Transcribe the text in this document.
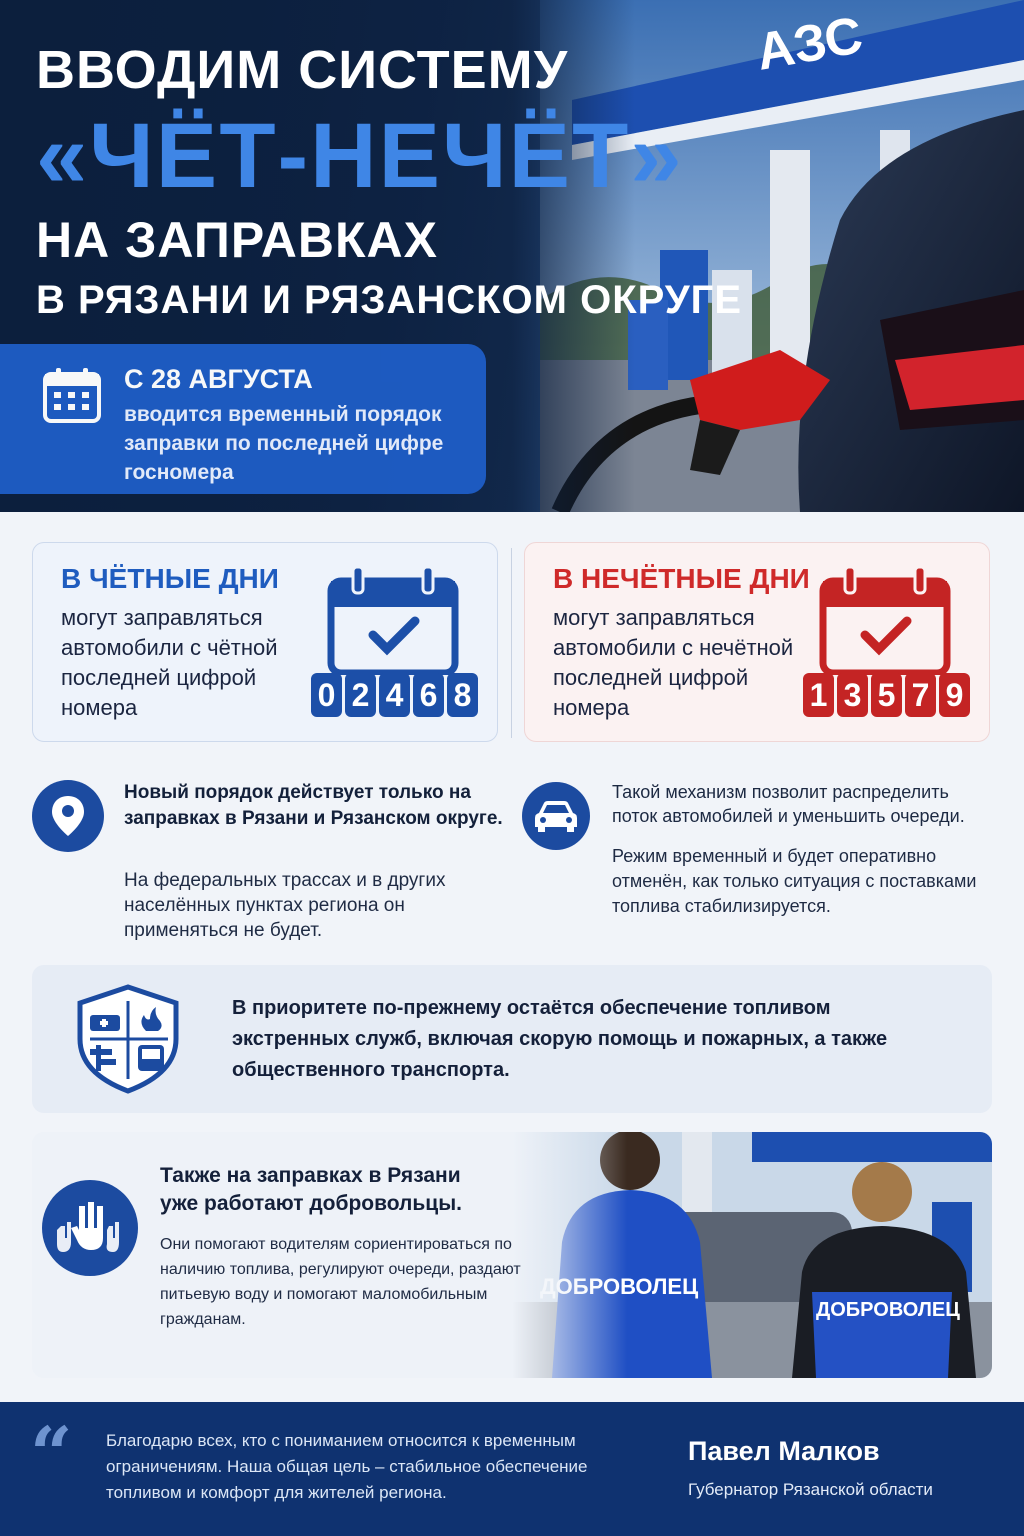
ВВОДИМ СИСТЕМУ
«ЧЁТ-НЕЧЁТ»
НА ЗАПРАВКАХ
В РЯЗАНИ И РЯЗАНСКОМ ОКРУГЕ
С 28 АВГУСТА
вводится временный порядок заправки по последней цифре госномера
В ЧЁТНЫЕ ДНИ
могут заправляться автомобили с чётной последней цифрой номера	0 2 4 6 8
В НЕЧЁТНЫЕ ДНИ
могут заправляться автомобили с нечётной последней цифрой номера	1 3 5 7 9
Новый порядок действует только на заправках в Рязани и Рязанском округе.
На федеральных трассах и в других населённых пунктах региона он применяться не будет.
Такой механизм позволит распределить поток автомобилей и уменьшить очереди.
Режим временный и будет оперативно отменён, как только ситуация с поставками топлива стабилизируется.
В приоритете по-прежнему остаётся обеспечение топливом экстренных служб, включая скорую помощь и пожарных, а также общественного транспорта.
Также на заправках в Рязани уже работают добровольцы.
Они помогают водителям сориентироваться по наличию топлива, регулируют очереди, раздают питьевую воду и помогают маломобильным гражданам.
“ Благодарю всех, кто с пониманием относится к временным ограничениям. Наша общая цель – стабильное обеспечение топливом и комфорт для жителей региона.
Павел Малков
Губернатор Рязанской области
